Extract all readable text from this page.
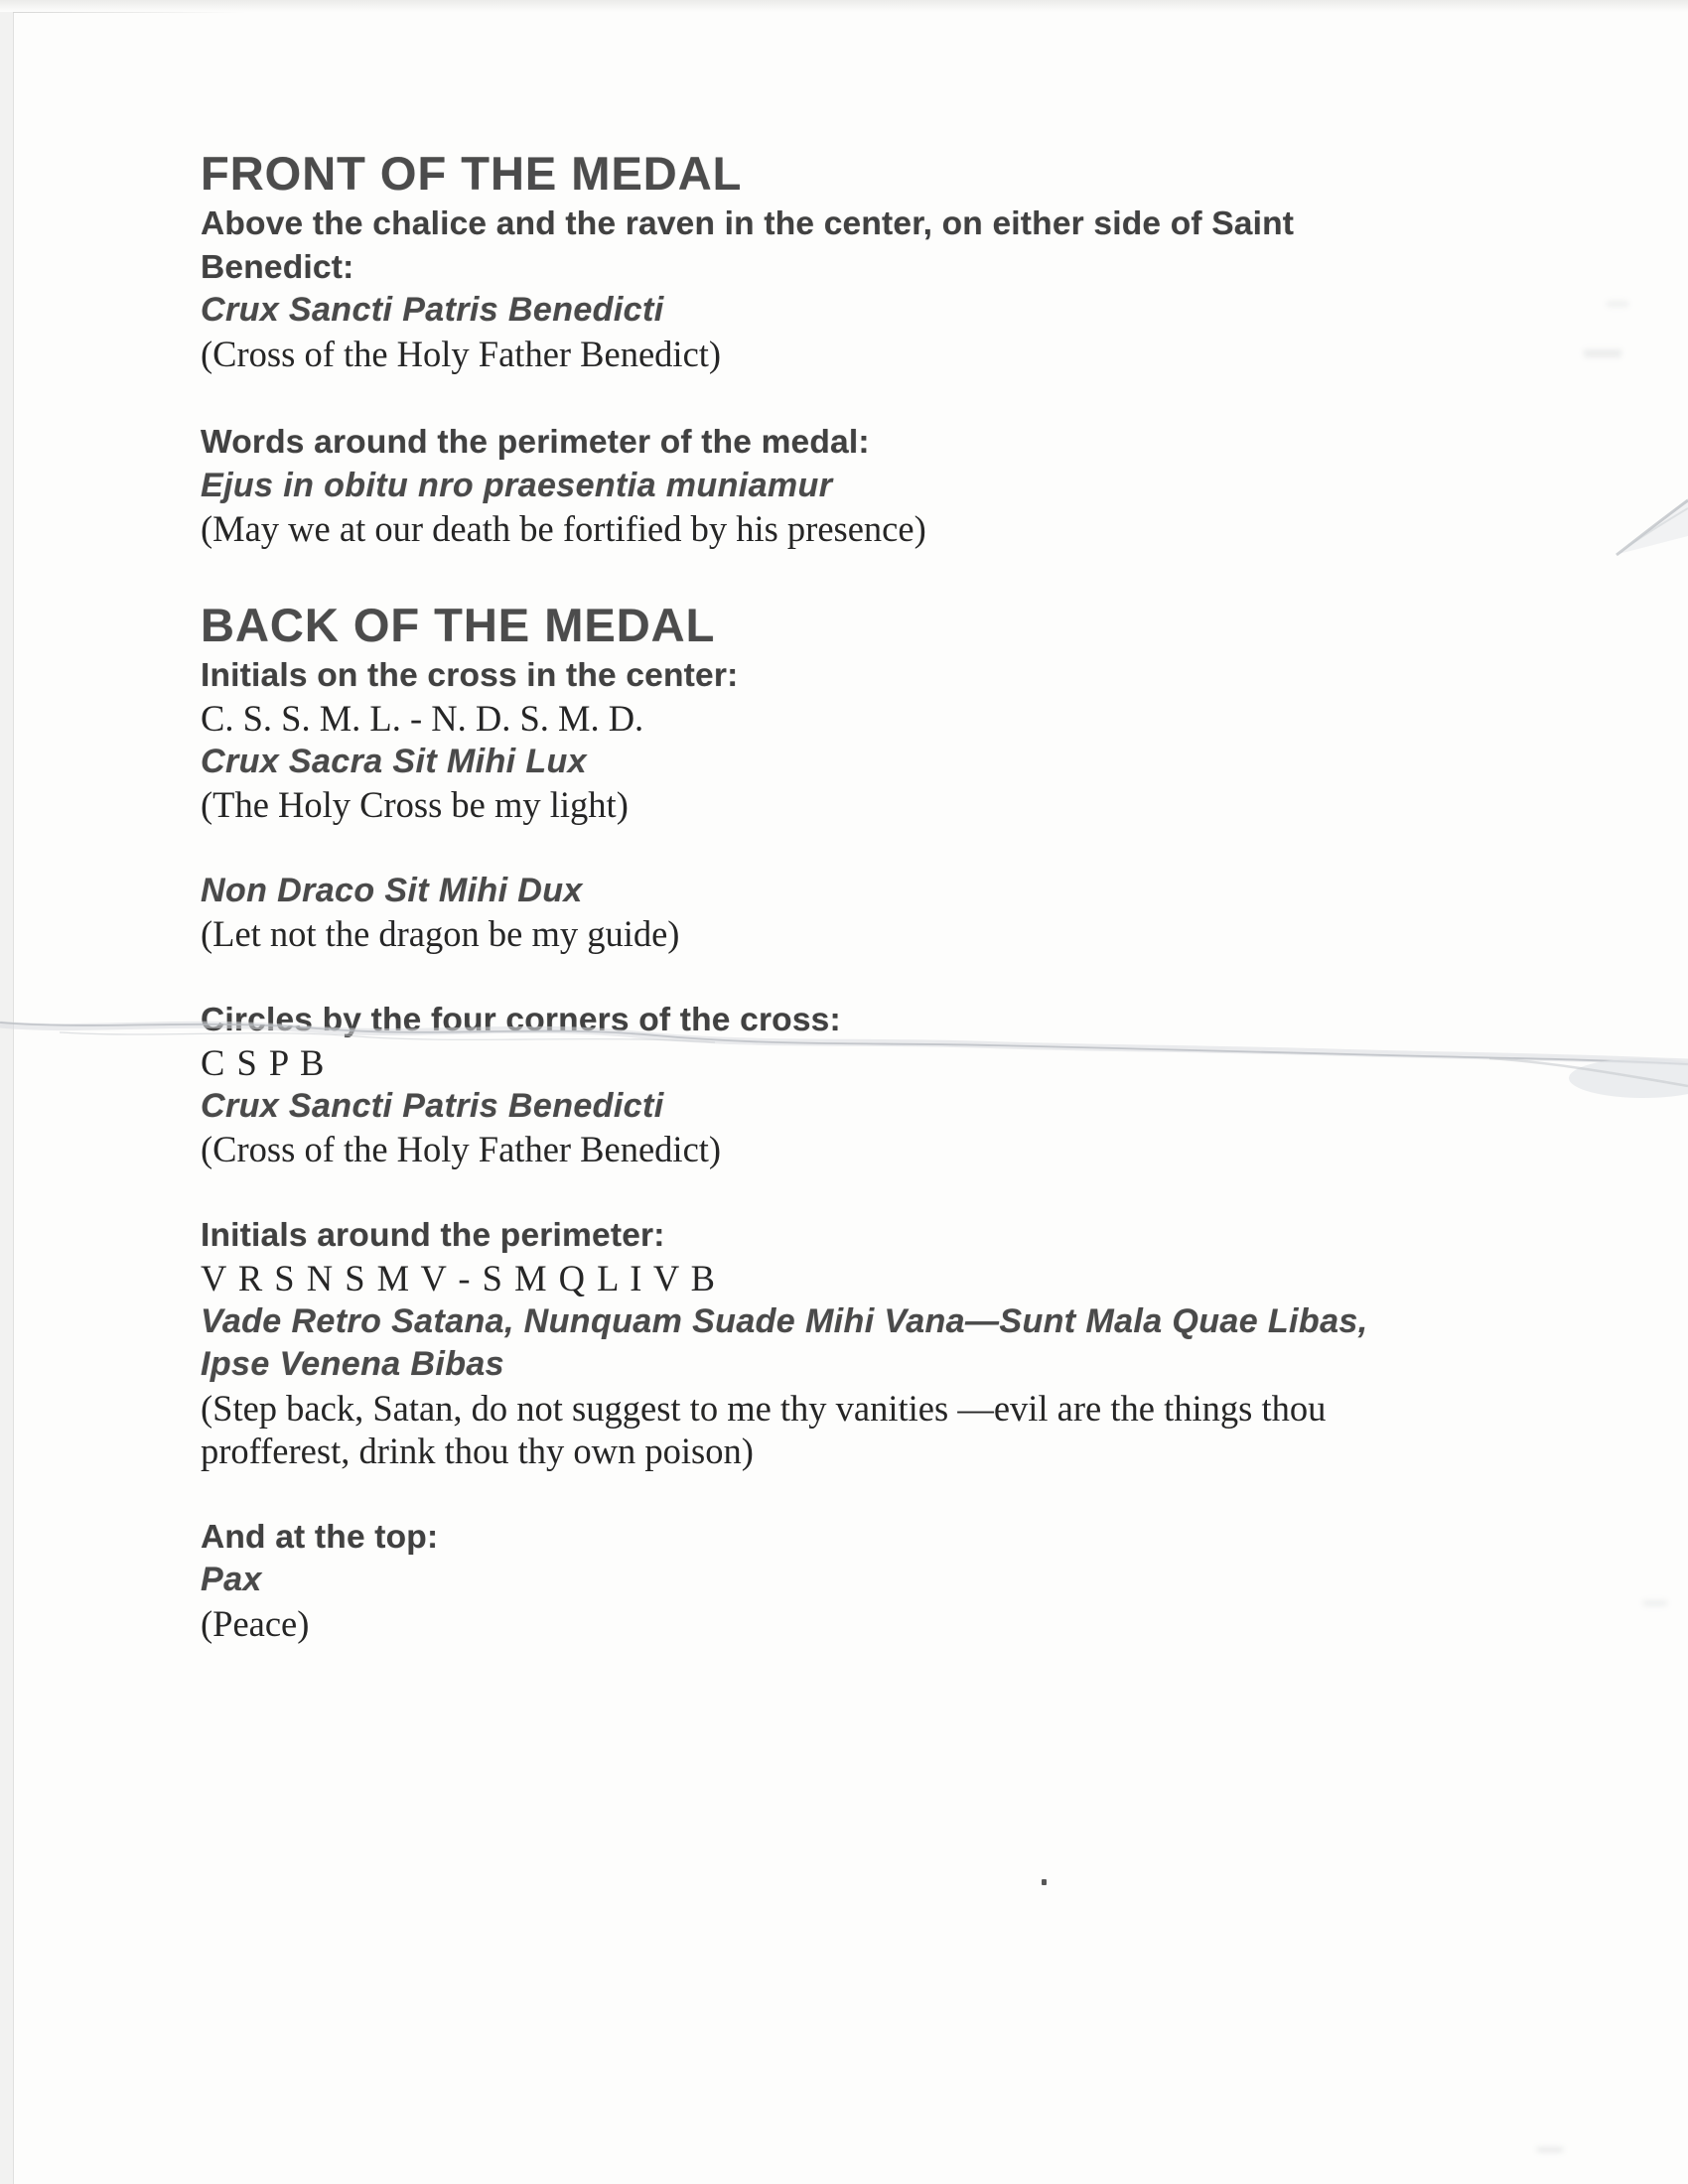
FRONT OF THE MEDAL
Above the chalice and the raven in the center, on either side of Saint
Benedict:
Crux Sancti Patris Benedicti
(Cross of the Holy Father Benedict)
Words around the perimeter of the medal:
Ejus in obitu nro praesentia muniamur
(May we at our death be fortified by his presence)
BACK OF THE MEDAL
Initials on the cross in the center:
C. S. S. M. L. - N. D. S. M. D.
Crux Sacra Sit Mihi Lux
(The Holy Cross be my light)
Non Draco Sit Mihi Dux
(Let not the dragon be my guide)
Circles by the four corners of the cross:
C S P B
Crux Sancti Patris Benedicti
(Cross of the Holy Father Benedict)
Initials around the perimeter:
V R S N S M V - S M Q L I V B
Vade Retro Satana, Nunquam Suade Mihi Vana—Sunt Mala Quae Libas,
Ipse Venena Bibas
(Step back, Satan, do not suggest to me thy vanities —evil are the things thou
profferest, drink thou thy own poison)
And at the top:
Pax
(Peace)
